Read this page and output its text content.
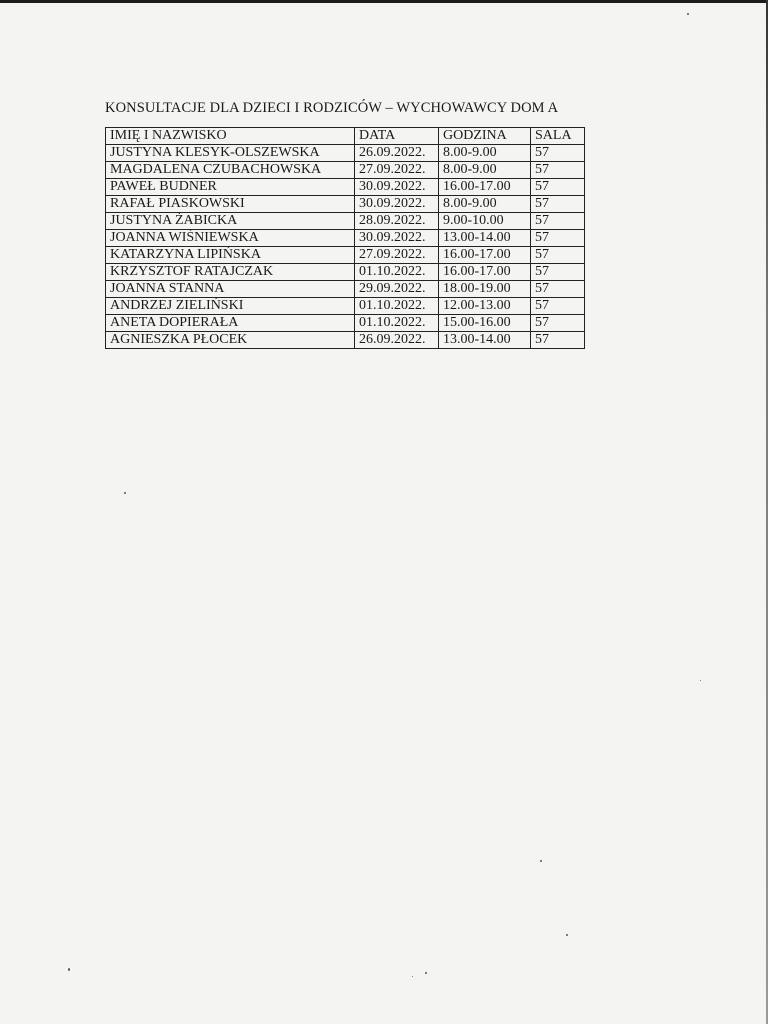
KONSULTACJE DLA DZIECI I RODZICÓW – WYCHOWAWCY DOM A
IMIĘ I NAZWISKO	DATA	GODZINA	SALA
JUSTYNA KLESYK-OLSZEWSKA	26.09.2022.	8.00-9.00	57
MAGDALENA CZUBACHOWSKA	27.09.2022.	8.00-9.00	57
PAWEŁ BUDNER	30.09.2022.	16.00-17.00	57
RAFAŁ PIASKOWSKI	30.09.2022.	8.00-9.00	57
JUSTYNA ŻABICKA	28.09.2022.	9.00-10.00	57
JOANNA WIŚNIEWSKA	30.09.2022.	13.00-14.00	57
KATARZYNA LIPIŃSKA	27.09.2022.	16.00-17.00	57
KRZYSZTOF RATAJCZAK	01.10.2022.	16.00-17.00	57
JOANNA STANNA	29.09.2022.	18.00-19.00	57
ANDRZEJ ZIELIŃSKI	01.10.2022.	12.00-13.00	57
ANETA DOPIERAŁA	01.10.2022.	15.00-16.00	57
AGNIESZKA PŁOCEK	26.09.2022.	13.00-14.00	57
